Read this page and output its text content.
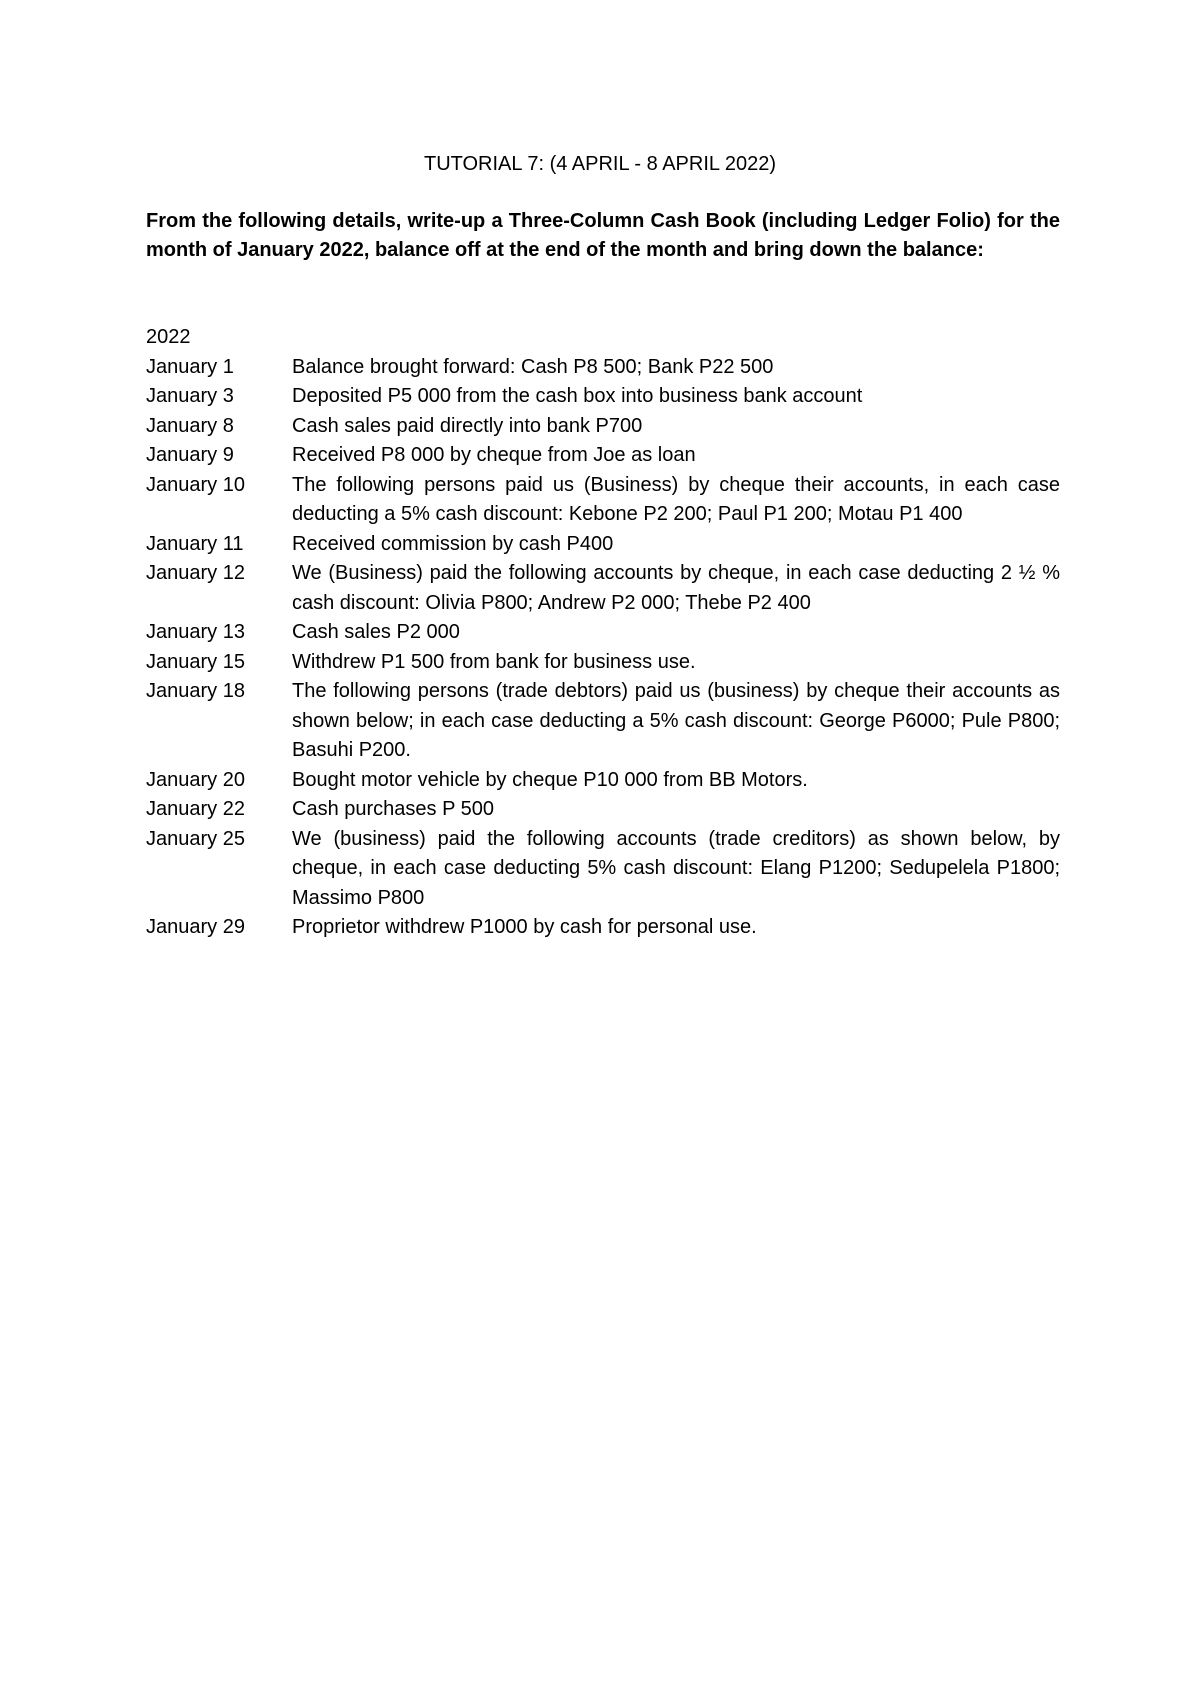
TUTORIAL 7: (4 APRIL - 8 APRIL 2022)
From the following details, write-up a Three-Column Cash Book (including Ledger Folio) for the month of January 2022, balance off at the end of the month and bring down the balance:
2022
January 1	Balance brought forward: Cash P8 500; Bank P22 500
January 3	Deposited P5 000 from the cash box into business bank account
January 8	Cash sales paid directly into bank P700
January 9	Received P8 000 by cheque from Joe as loan
January 10	The following persons paid us (Business) by cheque their accounts, in each case deducting a 5% cash discount: Kebone P2 200; Paul P1 200; Motau P1 400
January 11	Received commission by cash P400
January 12	We (Business) paid the following accounts by cheque, in each case deducting 2 ½ % cash discount: Olivia P800; Andrew P2 000; Thebe P2 400
January 13	Cash sales P2 000
January 15	Withdrew P1 500 from bank for business use.
January 18	The following persons (trade debtors) paid us (business) by cheque their accounts as shown below; in each case deducting a 5% cash discount: George P6000; Pule P800; Basuhi P200.
January 20	Bought motor vehicle by cheque P10 000 from BB Motors.
January 22	Cash purchases P 500
January 25	We (business) paid the following accounts (trade creditors) as shown below, by cheque, in each case deducting 5% cash discount: Elang P1200; Sedupelela P1800; Massimo P800
January 29	Proprietor withdrew P1000 by cash for personal use.
